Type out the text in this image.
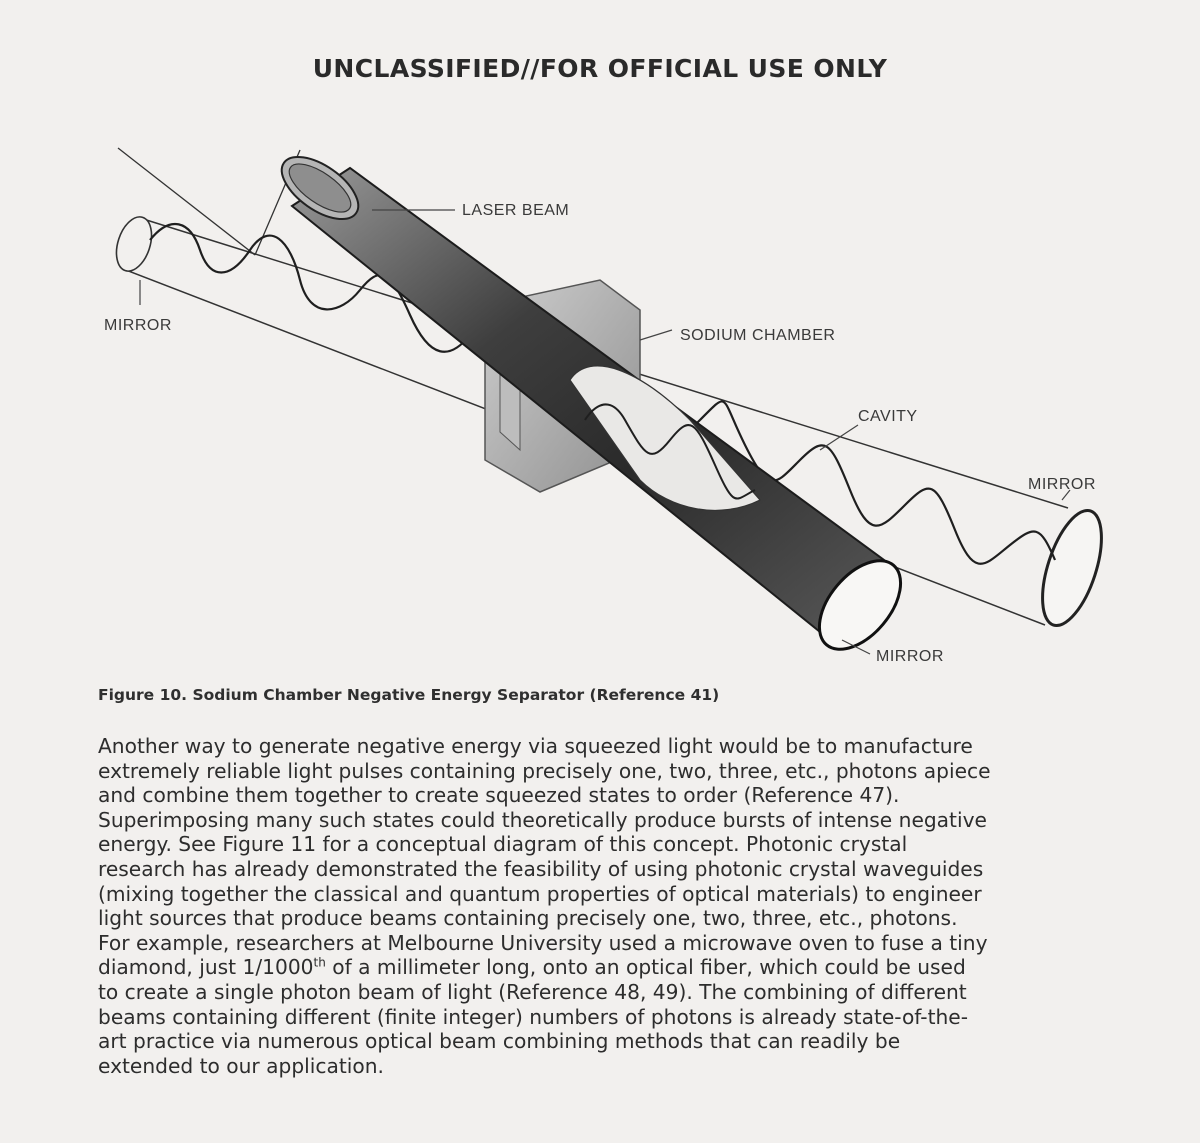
UNCLASSIFIED//FOR OFFICIAL USE ONLY
LASER BEAM
MIRROR
SODIUM CHAMBER
CAVITY
MIRROR
MIRROR
Figure 10. Sodium Chamber Negative Energy Separator (Reference 41)
Another way to generate negative energy via squeezed light would be to manufacture
extremely reliable light pulses containing precisely one, two, three, etc., photons apiece
and combine them together to create squeezed states to order (Reference 47).
Superimposing many such states could theoretically produce bursts of intense negative
energy. See Figure 11 for a conceptual diagram of this concept. Photonic crystal
research has already demonstrated the feasibility of using photonic crystal waveguides
(mixing together the classical and quantum properties of optical materials) to engineer
light sources that produce beams containing precisely one, two, three, etc., photons.
For example, researchers at Melbourne University used a microwave oven to fuse a tiny
diamond, just 1/1000th of a millimeter long, onto an optical fiber, which could be used
to create a single photon beam of light (Reference 48, 49). The combining of different
beams containing different (finite integer) numbers of photons is already state-of-the-
art practice via numerous optical beam combining methods that can readily be
extended to our application.
